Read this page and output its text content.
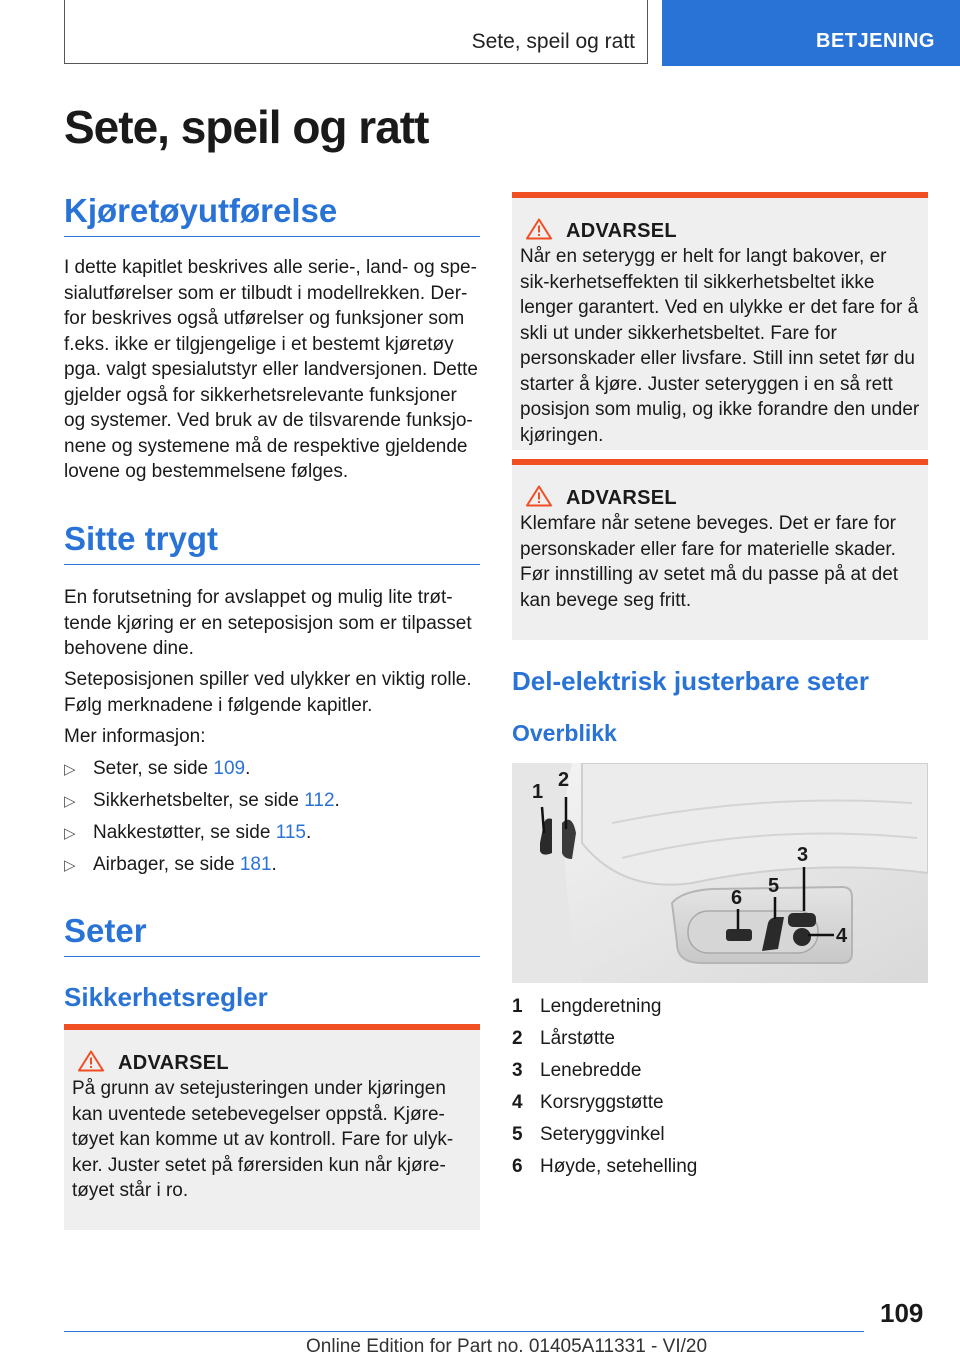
Sete, speil og ratt	BETJENING
Sete, speil og ratt
Kjøretøyutførelse

I dette kapitlet beskrives alle serie-, land- og spe-sialutførelser som er tilbudt i modellrekken. Der-for beskrives også utførelser og funksjoner som f.eks. ikke er tilgjengelige i et bestemt kjøretøy pga. valgt spesialutstyr eller landversjonen. Dette gjelder også for sikkerhetsrelevante funksjoner og systemer. Ved bruk av de tilsvarende funksjo-nene og systemene må de respektive gjeldende lovene og bestemmelsene følges.

Sitte trygt

En forutsetning for avslappet og mulig lite trøt-tende kjøring er en seteposisjon som er tilpasset behovene dine.

Seteposisjonen spiller ved ulykker en viktig rolle. Følg merknadene i følgende kapitler.

Mer informasjon:

▷ Seter, se side 109.
▷ Sikkerhetsbelter, se side 112.
▷ Nakkestøtter, se side 115.
▷ Airbager, se side 181.
Seter
Sikkerhetsregler
ADVARSEL

På grunn av setejusteringen under kjøringen kan uventede setebevegelser oppstå. Kjøre-tøyet kan komme ut av kontroll. Fare for ulyk-ker. Juster setet på førersiden kun når kjøre-tøyet står i ro.

ADVARSEL

Når en seterygg er helt for langt bakover, er sik-kerhetseffekten til sikkerhetsbeltet ikke lenger garantert. Ved en ulykke er det fare for å skli ut under sikkerhetsbeltet. Fare for personskader eller livsfare. Still inn setet før du starter å kjøre. Juster seteryggen i en så rett posisjon som mulig, og ikke forandre den under kjøringen.

ADVARSEL

Klemfare når setene beveges. Det er fare for personskader eller fare for materielle skader. Før innstilling av setet må du passe på at det kan bevege seg fritt.

Del-elektrisk justerbare seter
Overblikk
1
2
3
4
5
6
1 Lengderetning
2 Lårstøtte
3 Lenebredde
4 Korsryggstøtte
5 Seteryggvinkel
6 Høyde, setehelling
109
Online Edition for Part no. 01405A11331 - VI/20
